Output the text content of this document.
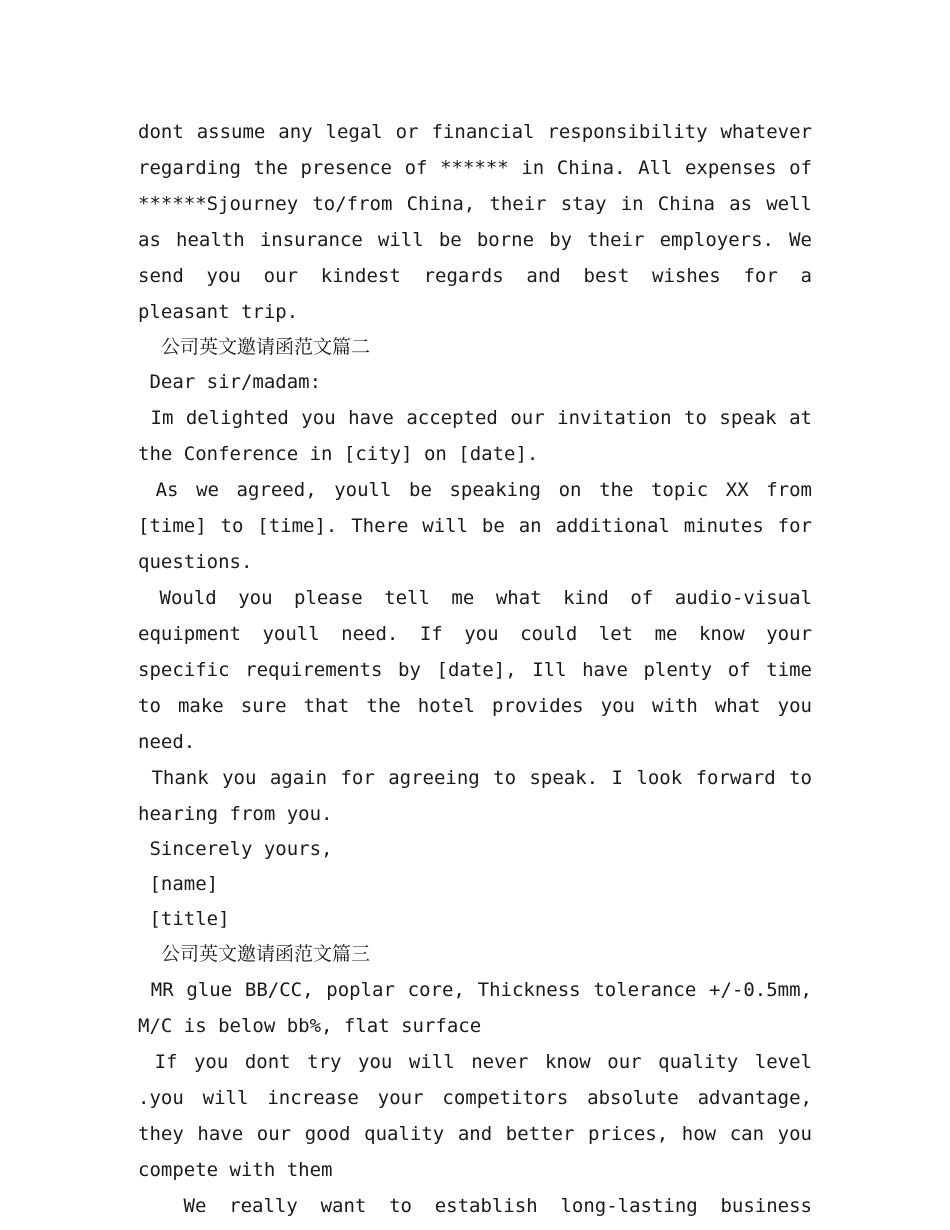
dont assume any legal or financial responsibility whatever regarding the presence of ****** in China. All expenses of ******Sjourney to/from China, their stay in China as well as health insurance will be borne by their employers. We send you our kindest regards and best wishes for a pleasant trip.

公司英文邀请函范文篇二

Dear sir/madam:

Im delighted you have accepted our invitation to speak at the Conference in [city] on [date].

As we agreed, youll be speaking on the topic XX from [time] to [time]. There will be an additional minutes for questions.

Would you please tell me what kind of audio-visual equipment youll need. If you could let me know your specific requirements by [date], Ill have plenty of time to make sure that the hotel provides you with what you need.

Thank you again for agreeing to speak. I look forward to hearing from you.

Sincerely yours,

[name]

[title]

公司英文邀请函范文篇三

MR glue BB/CC, poplar core, Thickness tolerance +/-0.5mm, M/C is below bb%, flat surface

If you dont try you will never know our quality level .you will increase your competitors absolute advantage, they have our good quality and better prices, how can you compete with them

We really want to establish long-lasting business
